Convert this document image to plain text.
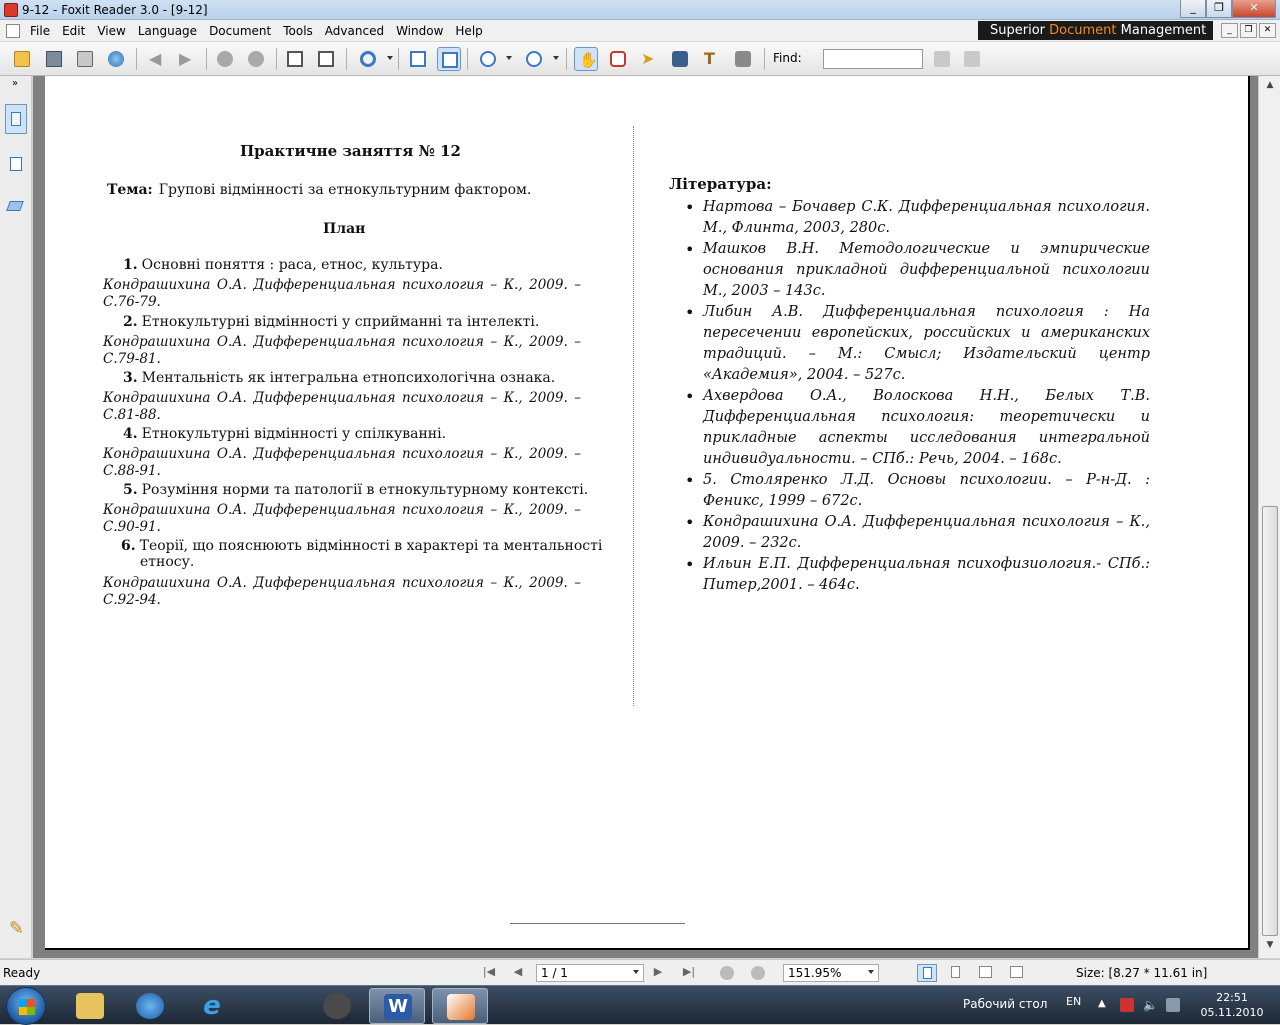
9-12 - Foxit Reader 3.0 - [9-12]	_	❐	✕
File	Edit	View	Language	Document	Tools	Advanced	Window	Help	Superior Document Management	_	❐	✕
◀ ▶	✋	➤	T	Find:
»
✎
Практичне заняття № 12
Тема: Групові відмінності за етнокультурним фактором.
План
1. Основні поняття : раса, етнос, культура.
Кондрашихина О.А. Дифференциальная психология – К., 2009. –
С.76-79.
2. Етнокультурні відмінності у сприйманні та інтелекті.
Кондрашихина О.А. Дифференциальная психология – К., 2009. –
С.79-81.
3. Ментальність як інтегральна етнопсихологічна ознака.
Кондрашихина О.А. Дифференциальная психология – К., 2009. –
С.81-88.
4. Етнокультурні відмінності у спілкуванні.
Кондрашихина О.А. Дифференциальная психология – К., 2009. –
С.88-91.
5. Розуміння норми та патології в етнокультурному контексті.
Кондрашихина О.А. Дифференциальная психология – К., 2009. –
С.90-91.
6. Теорії, що пояснюють відмінності в характері та ментальності
етносу.
Кондрашихина О.А. Дифференциальная психология – К., 2009. –
С.92-94.
Література:
• Нартова – Бочавер С.К. Дифференциальная психология. М., Флинта, 2003, 280с.
• Машков В.Н. Методологические и эмпирические основания прикладной дифференциальной психологии М., 2003 – 143с.
• Либин А.В. Дифференциальная психология : На пересечении европейских, российских и американских традиций. – М.: Смысл; Издательский центр «Академия», 2004. – 527с.
• Ахвердова О.А., Волоскова Н.Н., Белых Т.В. Дифференциальная психология: теоретически и прикладные аспекты исследования интегральной индивидуальности. – СПб.: Речь, 2004. – 168с.
• 5. Столяренко Л.Д. Основы психологии. – Р-н-Д. : Феникс, 1999 – 672с.
• Кондрашихина О.А. Дифференциальная психология – К., 2009. – 232с.
• Ильин Е.П. Дифференциальная психофизиология.- СПб.: Питер,2001. – 464с.
▲
▼
Ready	|◀	◀	1 / 1	▶	▶|	151.95%	Size: [8.27 * 11.61 in]
e	W	Рабочий стол EN ▲	🔈
22:51
05.11.2010
